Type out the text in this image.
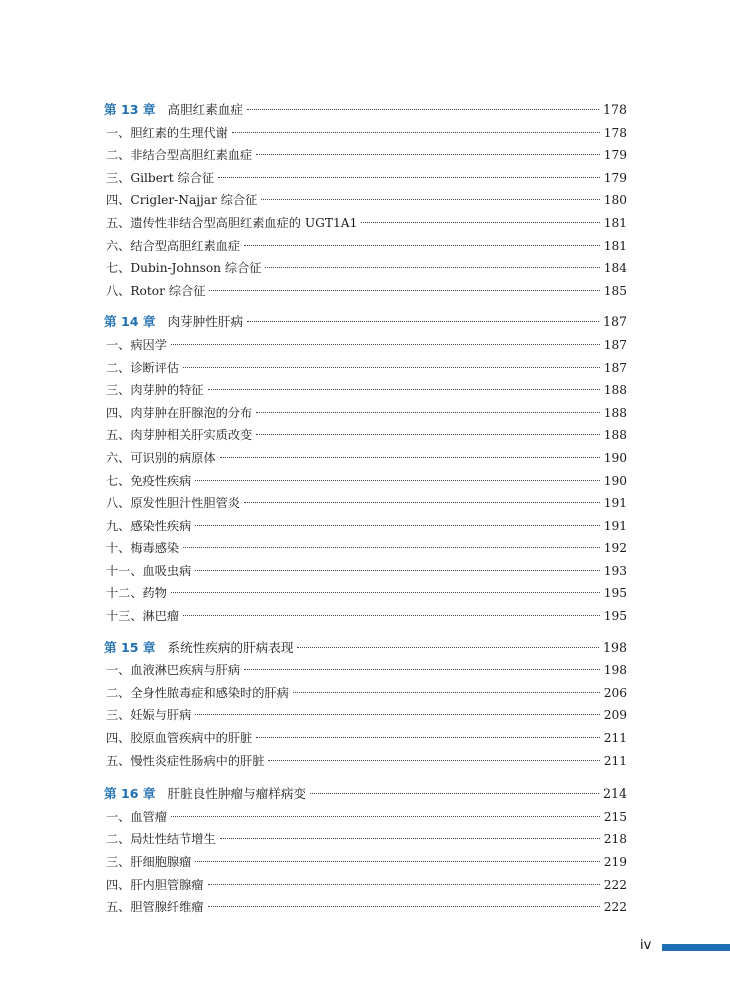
第 13 章 高胆红素血症	178
一、胆红素的生理代谢	178
二、非结合型高胆红素血症	179
三、Gilbert 综合征	179
四、Crigler-Najjar 综合征	180
五、遗传性非结合型高胆红素血症的 UGT1A1	181
六、结合型高胆红素血症	181
七、Dubin-Johnson 综合征	184
八、Rotor 综合征	185
第 14 章 肉芽肿性肝病	187
一、病因学	187
二、诊断评估	187
三、肉芽肿的特征	188
四、肉芽肿在肝腺泡的分布	188
五、肉芽肿相关肝实质改变	188
六、可识别的病原体	190
七、免疫性疾病	190
八、原发性胆汁性胆管炎	191
九、感染性疾病	191
十、梅毒感染	192
十一、血吸虫病	193
十二、药物	195
十三、淋巴瘤	195
第 15 章 系统性疾病的肝病表现	198
一、血液淋巴疾病与肝病	198
二、全身性脓毒症和感染时的肝病	206
三、妊娠与肝病	209
四、胶原血管疾病中的肝脏	211
五、慢性炎症性肠病中的肝脏	211
第 16 章 肝脏良性肿瘤与瘤样病变	214
一、血管瘤	215
二、局灶性结节增生	218
三、肝细胞腺瘤	219
四、肝内胆管腺瘤	222
五、胆管腺纤维瘤	222
iv
